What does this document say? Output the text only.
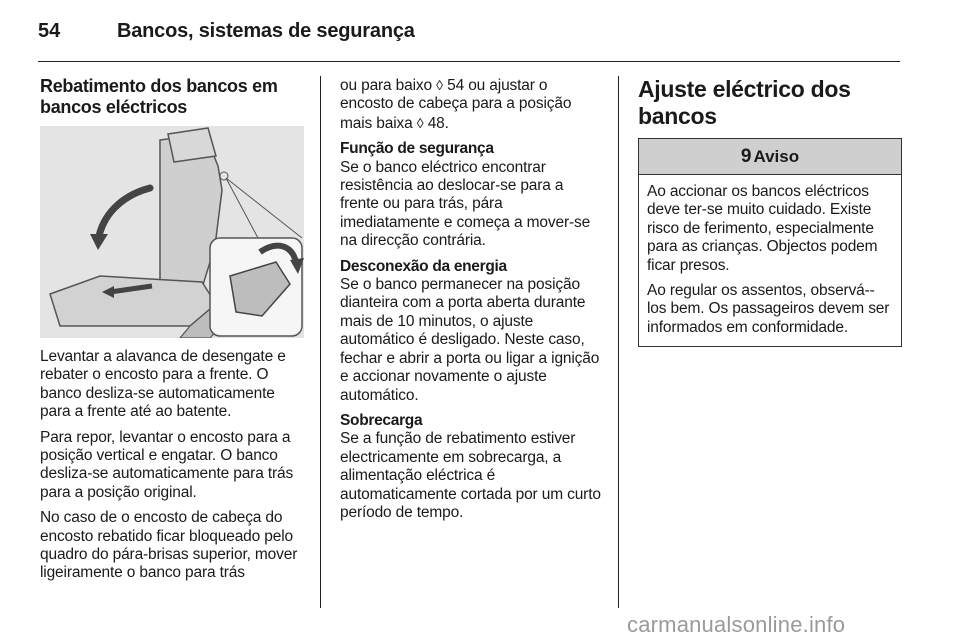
54	Bancos, sistemas de segurança
Rebatimento dos bancos em bancos eléctricos

Levantar a alavanca de desengate e rebater o encosto para a frente. O banco desliza-se automaticamente para a frente até ao batente.

Para repor, levantar o encosto para a posição vertical e engatar. O banco desliza-se automaticamente para trás para a posição original.

No caso de o encosto de cabeça do encosto rebatido ficar bloqueado pelo quadro do pára-brisas superior, mover ligeiramente o banco para trás

ou para baixo ◊ 54 ou ajustar o encosto de cabeça para a posição mais baixa ◊ 48.

Função de segurança

Se o banco eléctrico encontrar resistência ao deslocar-se para a frente ou para trás, pára imediatamente e começa a mover-se na direcção contrária.

Desconexão da energia

Se o banco permanecer na posição dianteira com a porta aberta durante mais de 10 minutos, o ajuste automático é desligado. Neste caso, fechar e abrir a porta ou ligar a ignição e accionar novamente o ajuste automático.

Sobrecarga

Se a função de rebatimento estiver electricamente em sobrecarga, a alimentação eléctrica é automaticamente cortada por um curto período de tempo.

Ajuste eléctrico dos bancos
9 Aviso

Ao accionar os bancos eléctricos deve ter-se muito cuidado. Existe risco de ferimento, especialmente para as crianças. Objectos podem ficar presos.

Ao regular os assentos, observá--los bem. Os passageiros devem ser informados em conformidade.

carmanualsonline.info
